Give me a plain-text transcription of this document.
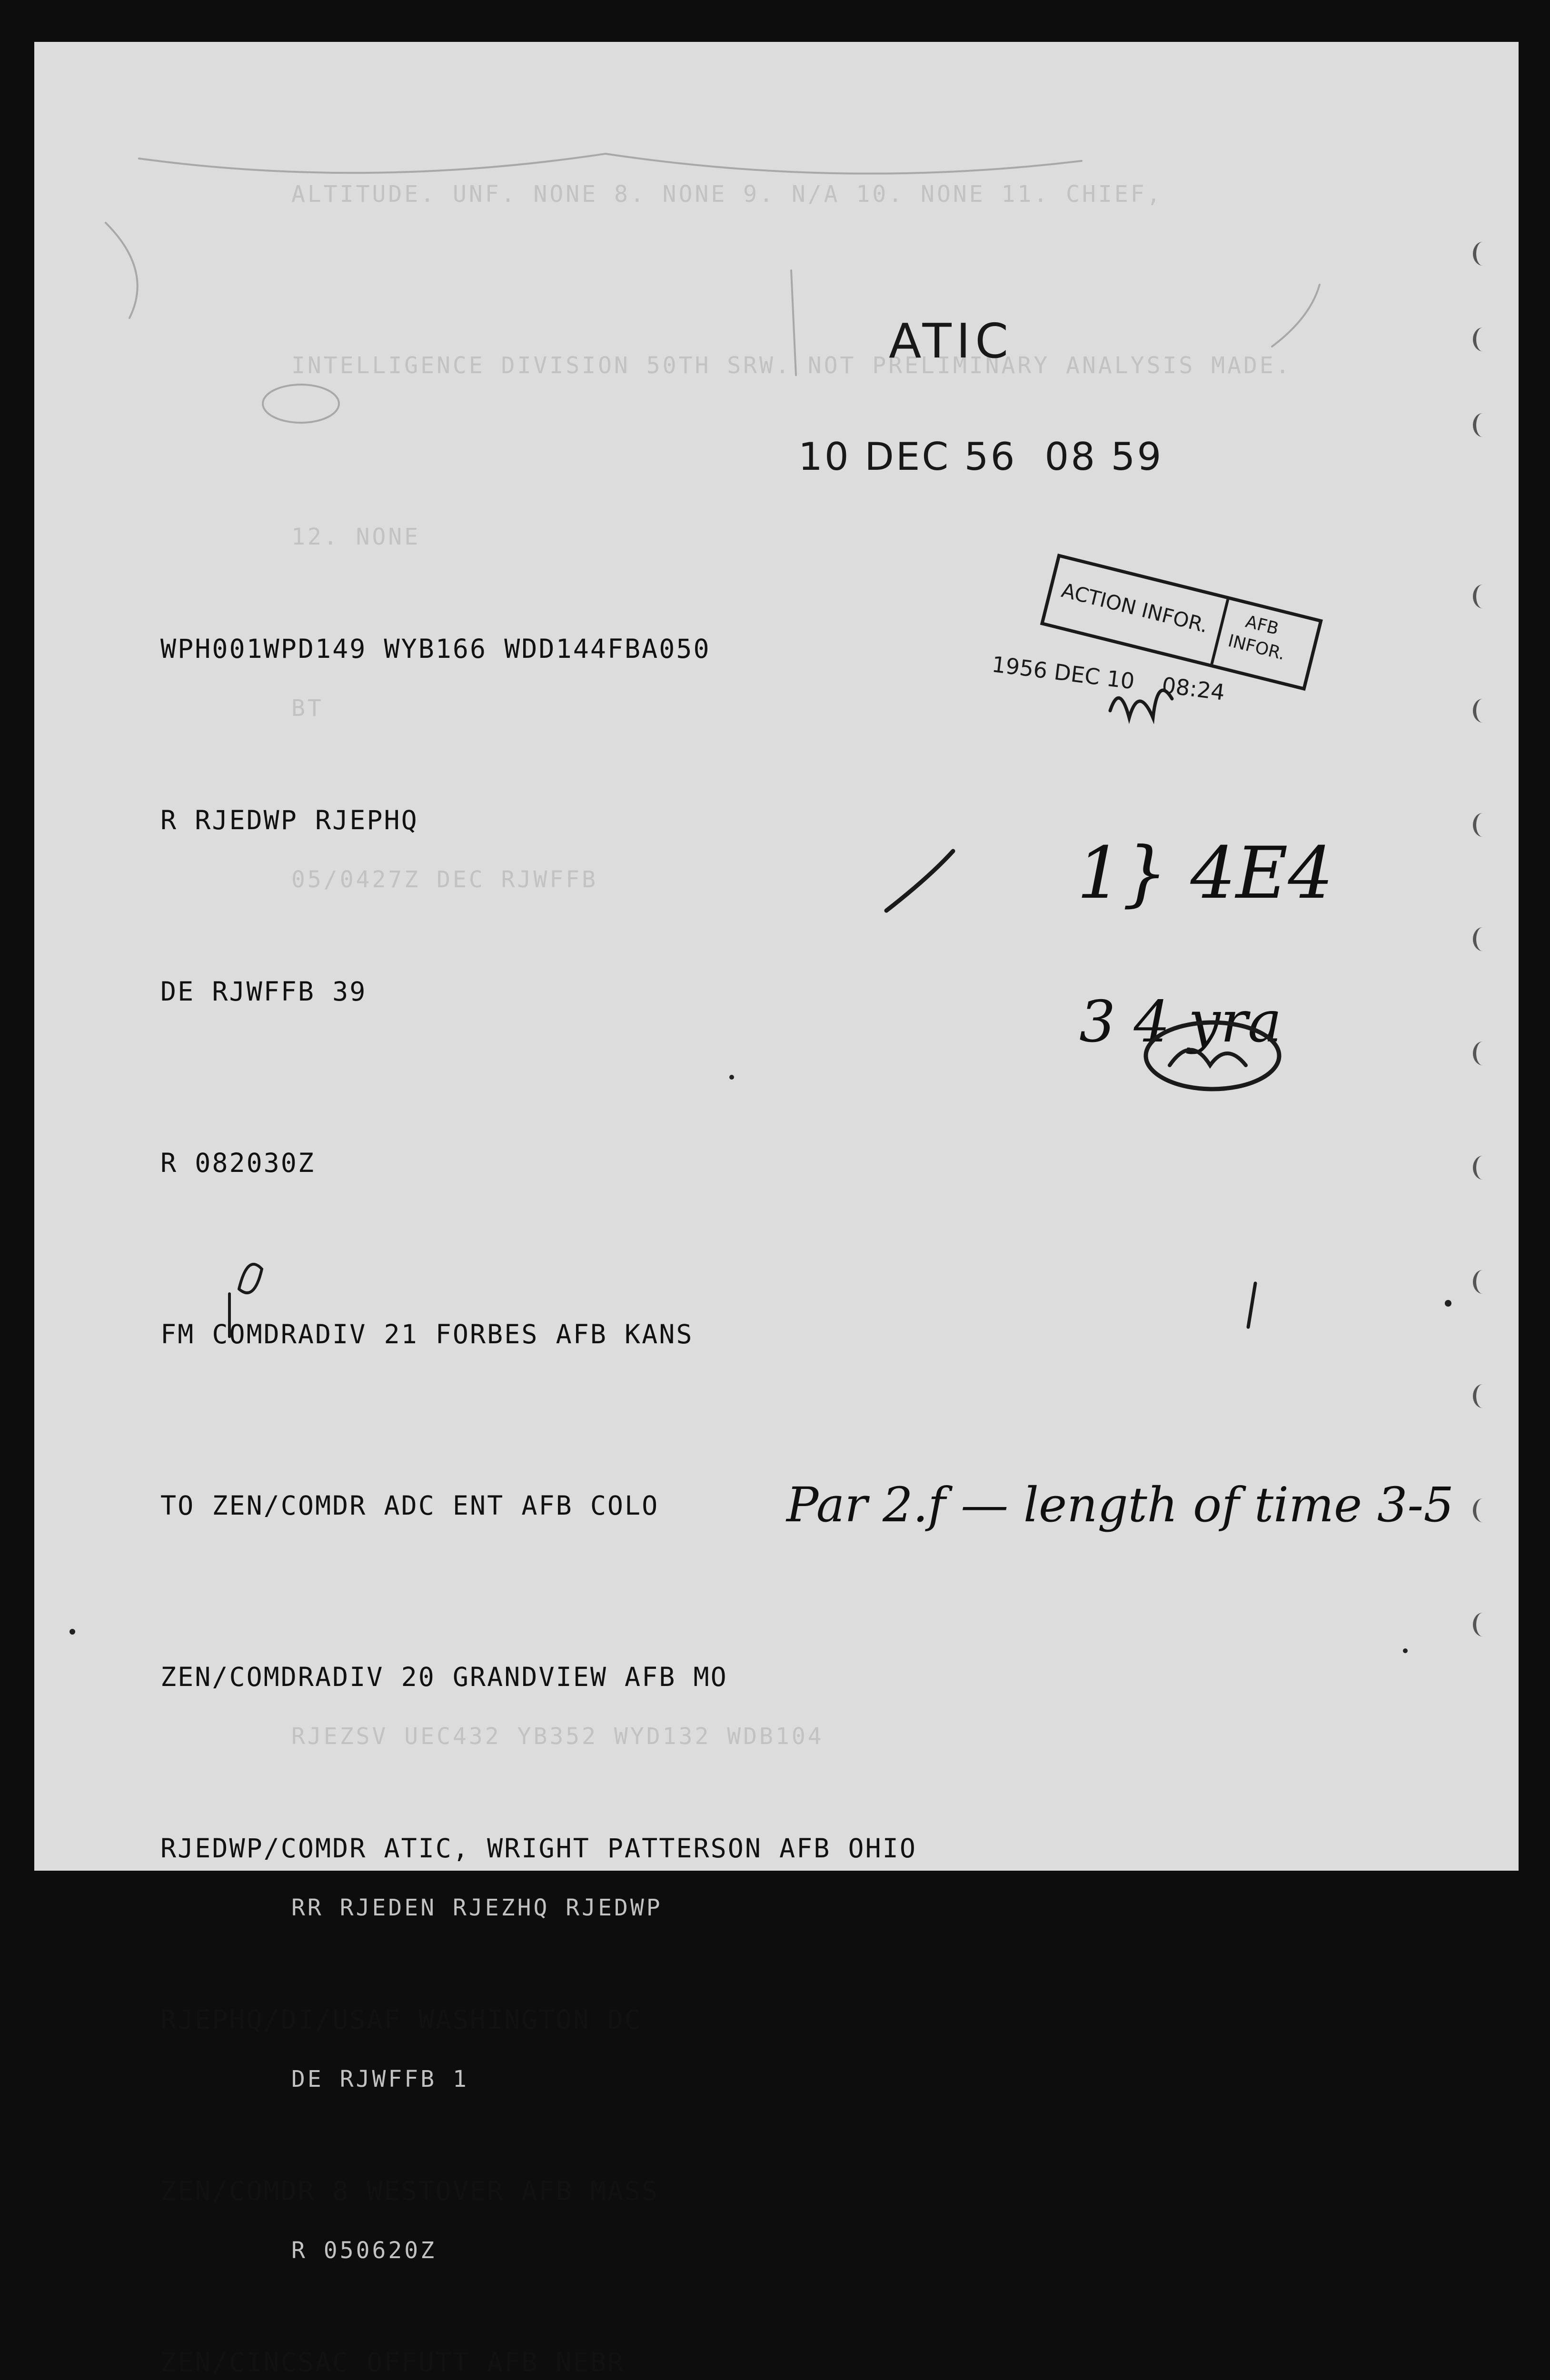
ALTITUDE. UNF. NONE 8. NONE 9. N/A 10. NONE 11. CHIEF,

INTELLIGENCE DIVISION 50TH SRW. NOT PRELIMINARY ANALYSIS MADE.

12. NONE

BT

05/0427Z DEC RJWFFB

RJEZSV UEC432 YB352 WYD132 WDB104

RR RJEDEN RJEZHQ RJEDWP

DE RJWFFB 1

R 050620Z

ATIC
10 DEC 56  08 59
ACTION INFOR.	AFB
INFOR.
1956 DEC 10    08:24

WPH001WPD149 WYB166 WDD144FBA050

R RJEDWP RJEPHQ

DE RJWFFB 39

R 082030Z

FM COMDRADIV 21 FORBES AFB KANS

TO ZEN/COMDR ADC ENT AFB COLO

ZEN/COMDRADIV 20 GRANDVIEW AFB MO

RJEDWP/COMDR ATIC, WRIGHT PATTERSON AFB OHIO

RJEPHQ/DI/USAF WASHINGTON DC

ZEN/COMDR 8 WESTOVER AFB MASS

ZEN/CINCSAC OFFUTT AFB NEBR

1} 4E4
3 4 yra
Par 2.f — length of time 3-5
